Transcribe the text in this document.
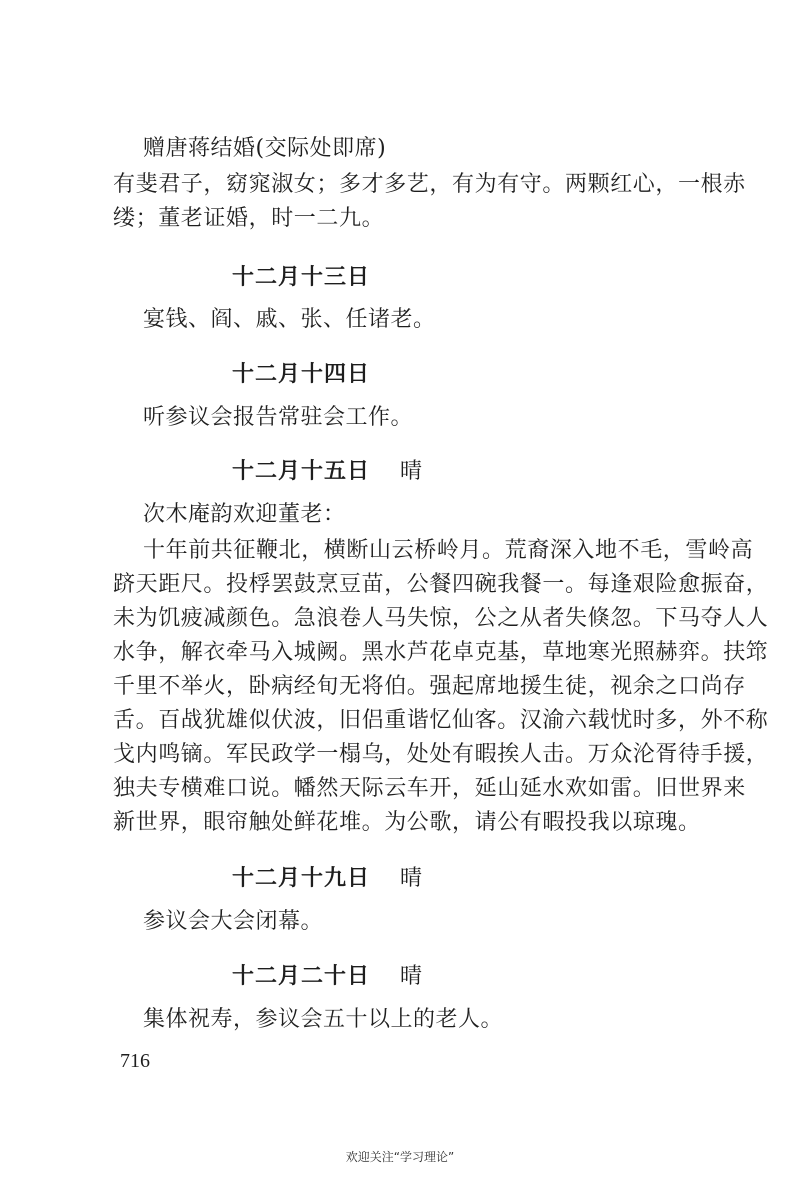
赠唐蒋结婚(交际处即席)

有斐君子，窈窕淑女；多才多艺，有为有守。两颗红心，一根赤

缕；董老证婚，时一二九。

十二月十三日

宴钱、阎、戚、张、任诸老。

十二月十四日

听参议会报告常驻会工作。

十二月十五日 晴

次木庵韵欢迎董老：

十年前共征鞭北，横断山云桥岭月。荒裔深入地不毛，雪岭高

跻天距尺。投桴罢鼓烹豆苗，公餐四碗我餐一。每逢艰险愈振奋，

未为饥疲减颜色。急浪卷人马失惊，公之从者失倏忽。下马夺人人

水争，解衣牵马入城阙。黑水芦花卓克基，草地寒光照赫弈。扶筇

千里不举火，卧病经旬无将伯。强起席地援生徒，视余之口尚存

舌。百战犹雄似伏波，旧侣重谐忆仙客。汉渝六载忧时多，外不称

戈内鸣镝。军民政学一榻乌，处处有暇挨人击。万众沦胥待手援，

独夫专横难口说。幡然天际云车开，延山延水欢如雷。旧世界来

新世界，眼帘触处鲜花堆。为公歌，请公有暇投我以琼瑰。

十二月十九日 晴

参议会大会闭幕。

十二月二十日 晴

集体祝寿，参议会五十以上的老人。

716

欢迎关注“学习理论”
